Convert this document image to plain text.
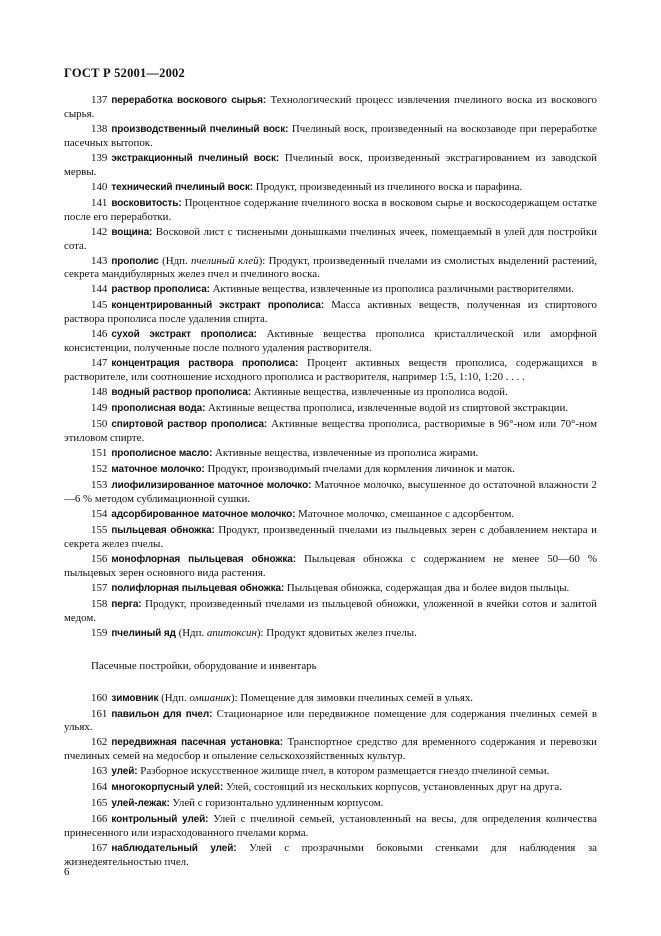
ГОСТ Р 52001—2002

137 переработка воскового сырья: Технологический процесс извлечения пчелиного воска из воскового сырья.

138 производственный пчелиный воск: Пчелиный воск, произведенный на воскозаводе при переработке пасечных вытопок.

139 экстракционный пчелиный воск: Пчелиный воск, произведенный экстрагированием из заводской мервы.

140 технический пчелиный воск: Продукт, произведенный из пчелиного воска и парафина.

141 восковитость: Процентное содержание пчелиного воска в восковом сырье и воскосодержащем остатке после его переработки.

142 вощина: Восковой лист с тиснеными донышками пчелиных ячеек, помещаемый в улей для постройки сота.

143 прополис (Ндп. пчелиный клей): Продукт, произведенный пчелами из смолистых выделений растений, секрета мандибулярных желез пчел и пчелиного воска.

144 раствор прополиса: Активные вещества, извлеченные из прополиса различными растворителями.

145 концентрированный экстракт прополиса: Масса активных веществ, полученная из спиртового раствора прополиса после удаления спирта.

146 сухой экстракт прополиса: Активные вещества прополиса кристаллической или аморфной консистенции, полученные после полного удаления растворителя.

147 концентрация раствора прополиса: Процент активных веществ прополиса, содержащихся в растворителе, или соотношение исходного прополиса и растворителя, например 1:5, 1:10, 1:20 . . . .

148 водный раствор прополиса: Активные вещества, извлеченные из прополиса водой.

149 прополисная вода: Активные вещества прополиса, извлеченные водой из спиртовой экстракции.

150 спиртовой раствор прополиса: Активные вещества прополиса, растворимые в 96°-ном или 70°-ном этиловом спирте.

151 прополисное масло: Активные вещества, извлеченные из прополиса жирами.

152 маточное молочко: Продукт, производимый пчелами для кормления личинок и маток.

153 лиофилизированное маточное молочко: Маточное молочко, высушенное до остаточной влажности 2—6 % методом сублимационной сушки.

154 адсорбированное маточное молочко: Маточное молочко, смешанное с адсорбентом.

155 пыльцевая обножка: Продукт, произведенный пчелами из пыльцевых зерен с добавлением нектара и секрета желез пчелы.

156 монофлорная пыльцевая обножка: Пыльцевая обножка с содержанием не менее 50—60 % пыльцевых зерен основного вида растения.

157 полифлорная пыльцевая обножка: Пыльцевая обножка, содержащая два и более видов пыльцы.

158 перга: Продукт, произведенный пчелами из пыльцевой обножки, уложенной в ячейки сотов и залитой медом.

159 пчелиный яд (Ндп. апитоксин): Продукт ядовитых желез пчелы.

Пасечные постройки, оборудование и инвентарь

160 зимовник (Ндп. омшаник): Помещение для зимовки пчелиных семей в ульях.

161 павильон для пчел: Стационарное или передвижное помещение для содержания пчелиных семей в ульях.

162 передвижная пасечная установка: Транспортное средство для временного содержания и перевозки пчелиных семей на медосбор и опыление сельскохозяйственных культур.

163 улей: Разборное искусственное жилище пчел, в котором размещается гнездо пчелиной семьи.

164 многокорпусный улей: Улей, состоящий из нескольких корпусов, установленных друг на друга.

165 улей-лежак: Улей с горизонтально удлиненным корпусом.

166 контрольный улей: Улей с пчелиной семьей, установленный на весы, для определения количества принесенного или израсходованного пчелами корма.

167 наблюдательный улей: Улей с прозрачными боковыми стенками для наблюдения за жизнедеятельностью пчел.

6
